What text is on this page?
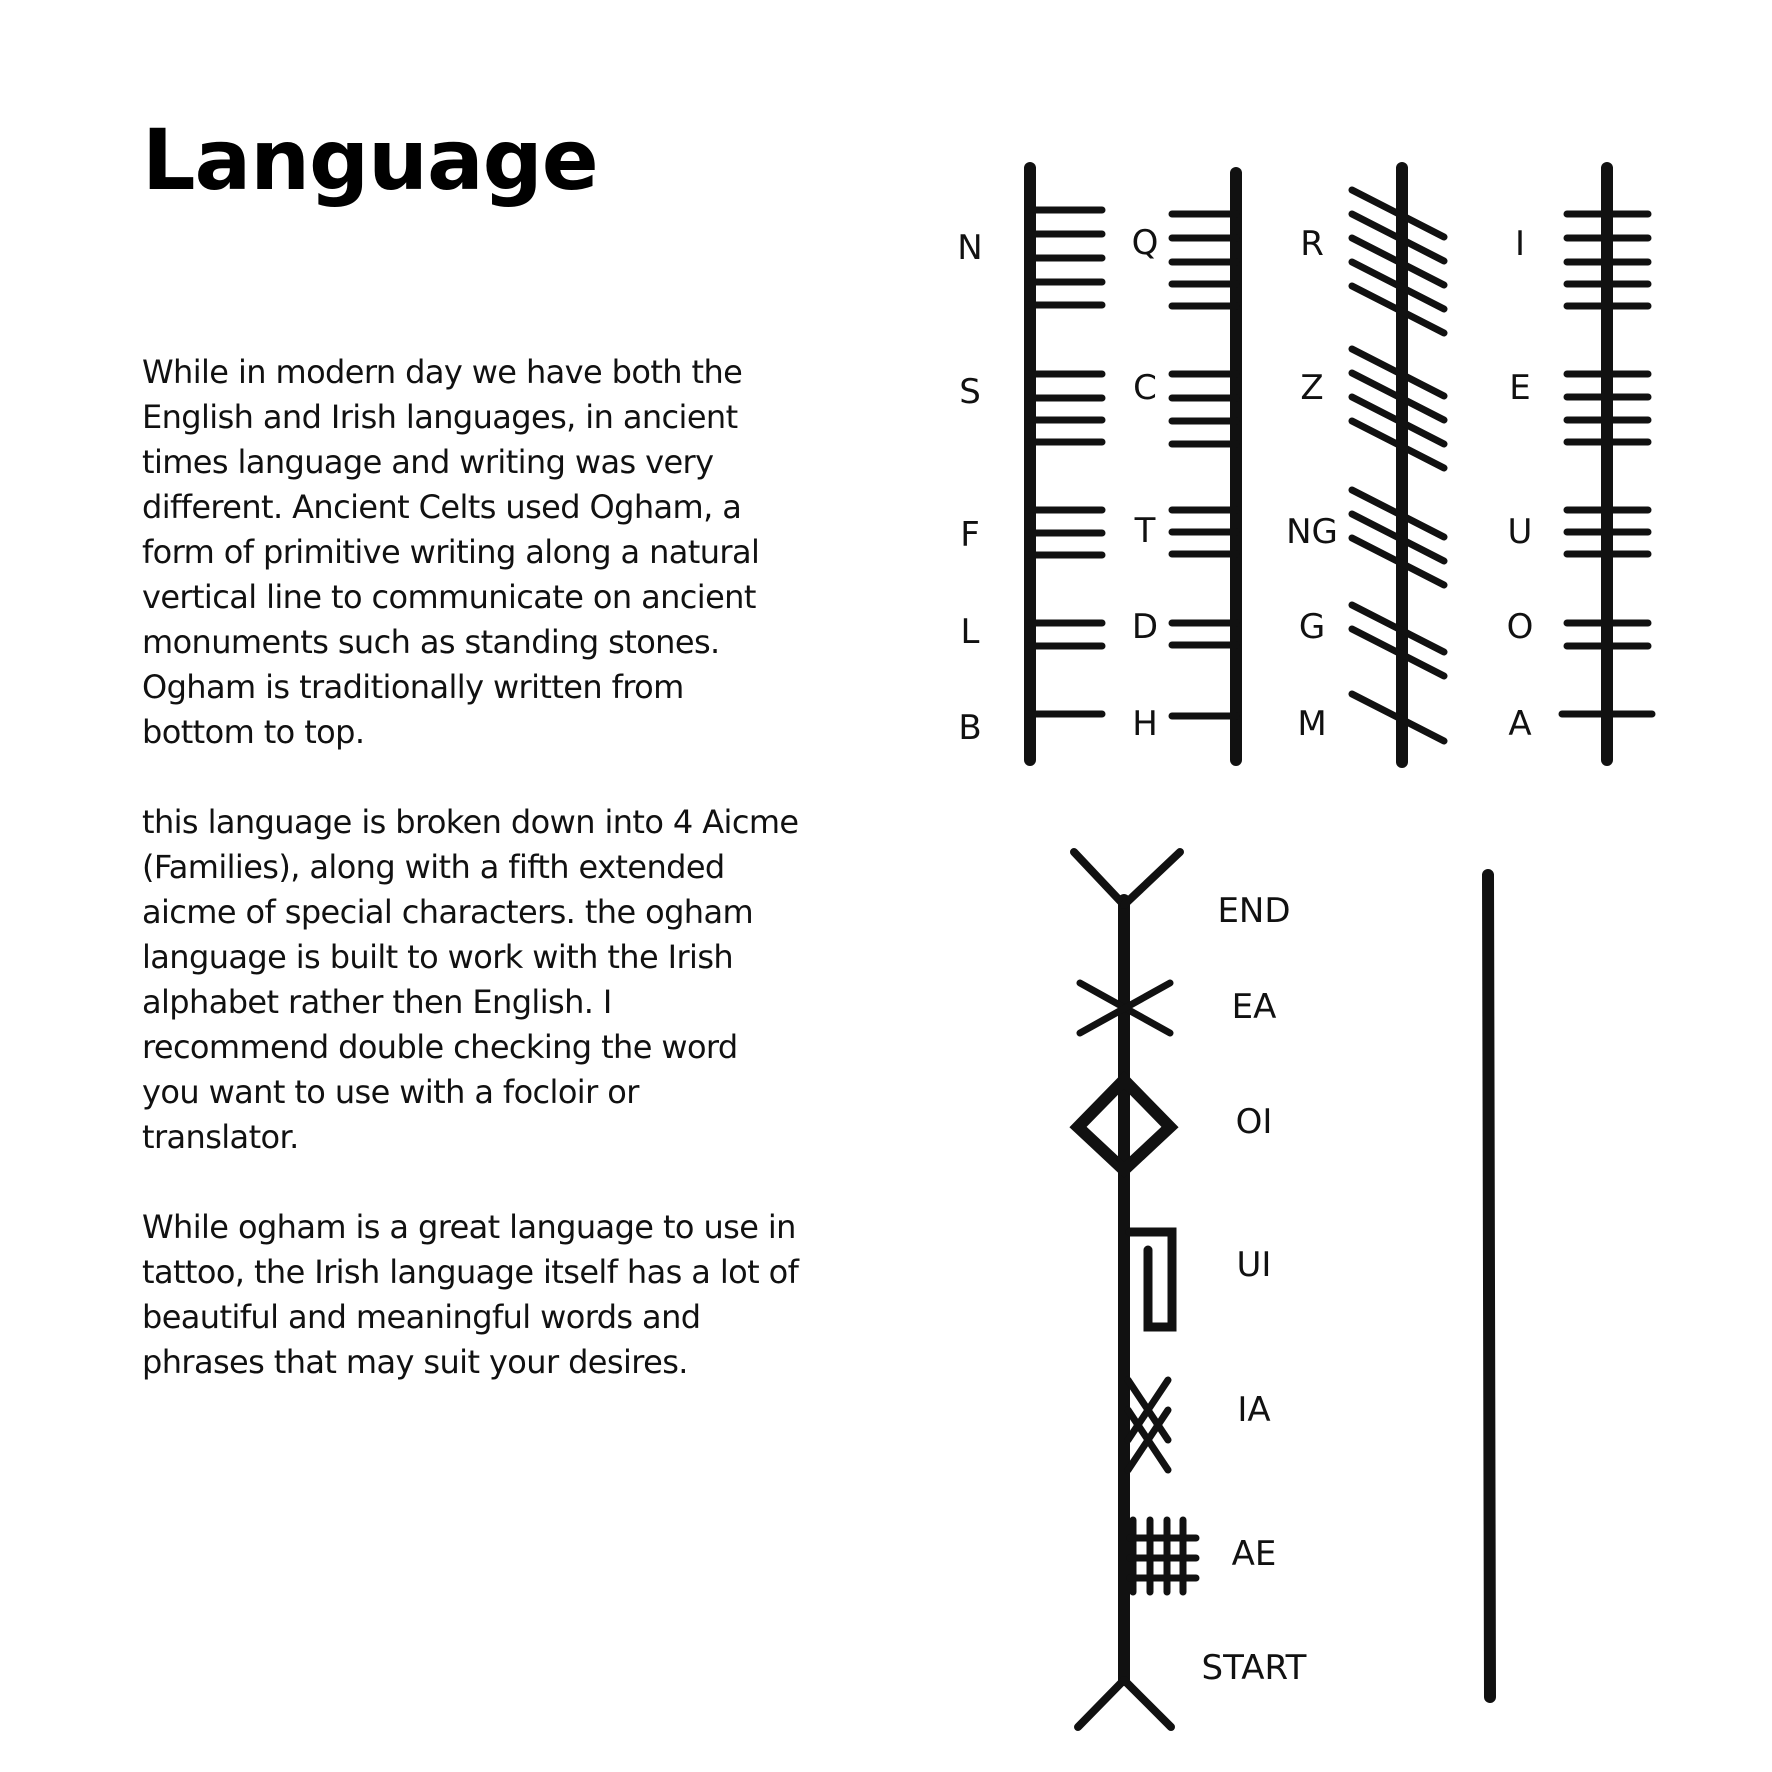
Language

While in modern day we have both the English and Irish languages, in ancient times language and writing was very different. Ancient Celts used Ogham, a form of primitive writing along a natural vertical line to communicate on ancient monuments such as standing stones. Ogham is traditionally written from bottom to top.

this language is broken down into 4 Aicme (Families), along with a fifth extended aicme of special characters. the ogham language is built to work with the Irish alphabet rather then English. I recommend double checking the word you want to use with a focloir or translator.

While ogham is a great language to use in tattoo, the Irish language itself has a lot of beautiful and meaningful words and phrases that may suit your desires.

N
S
F
L
B
Q
C
T
D
H
R
Z
NG
G
M
I
E
U
O
A
END
EA
OI
UI
IA
AE
START
